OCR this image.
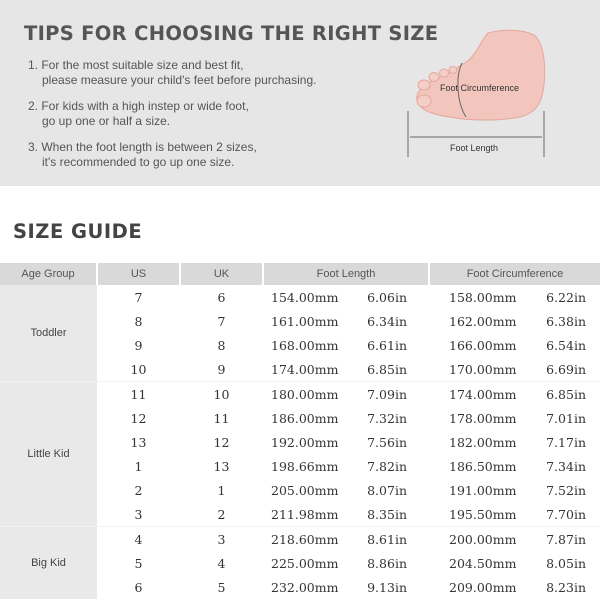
TIPS FOR CHOOSING THE RIGHT SIZE
1. For the most suitable size and best fit,
please measure your child's feet before purchasing.
2. For kids with a high instep or wide foot,
go up one or half a size.
3. When the foot length is between 2 sizes,
it's recommended to go up one size.
Foot Circumference
Foot Length
SIZE GUIDE
Age Group	US	UK	Foot Length		Foot Circumference	
Toddler	7	6	154.00mm	6.06in	158.00mm	6.22in
	8	7	161.00mm	6.34in	162.00mm	6.38in
	9	8	168.00mm	6.61in	166.00mm	6.54in
	10	9	174.00mm	6.85in	170.00mm	6.69in
Little Kid	11	10	180.00mm	7.09in	174.00mm	6.85in
	12	11	186.00mm	7.32in	178.00mm	7.01in
	13	12	192.00mm	7.56in	182.00mm	7.17in
	1	13	198.66mm	7.82in	186.50mm	7.34in
	2	1	205.00mm	8.07in	191.00mm	7.52in
	3	2	211.98mm	8.35in	195.50mm	7.70in
Big Kid	4	3	218.60mm	8.61in	200.00mm	7.87in
	5	4	225.00mm	8.86in	204.50mm	8.05in
	6	5	232.00mm	9.13in	209.00mm	8.23in
